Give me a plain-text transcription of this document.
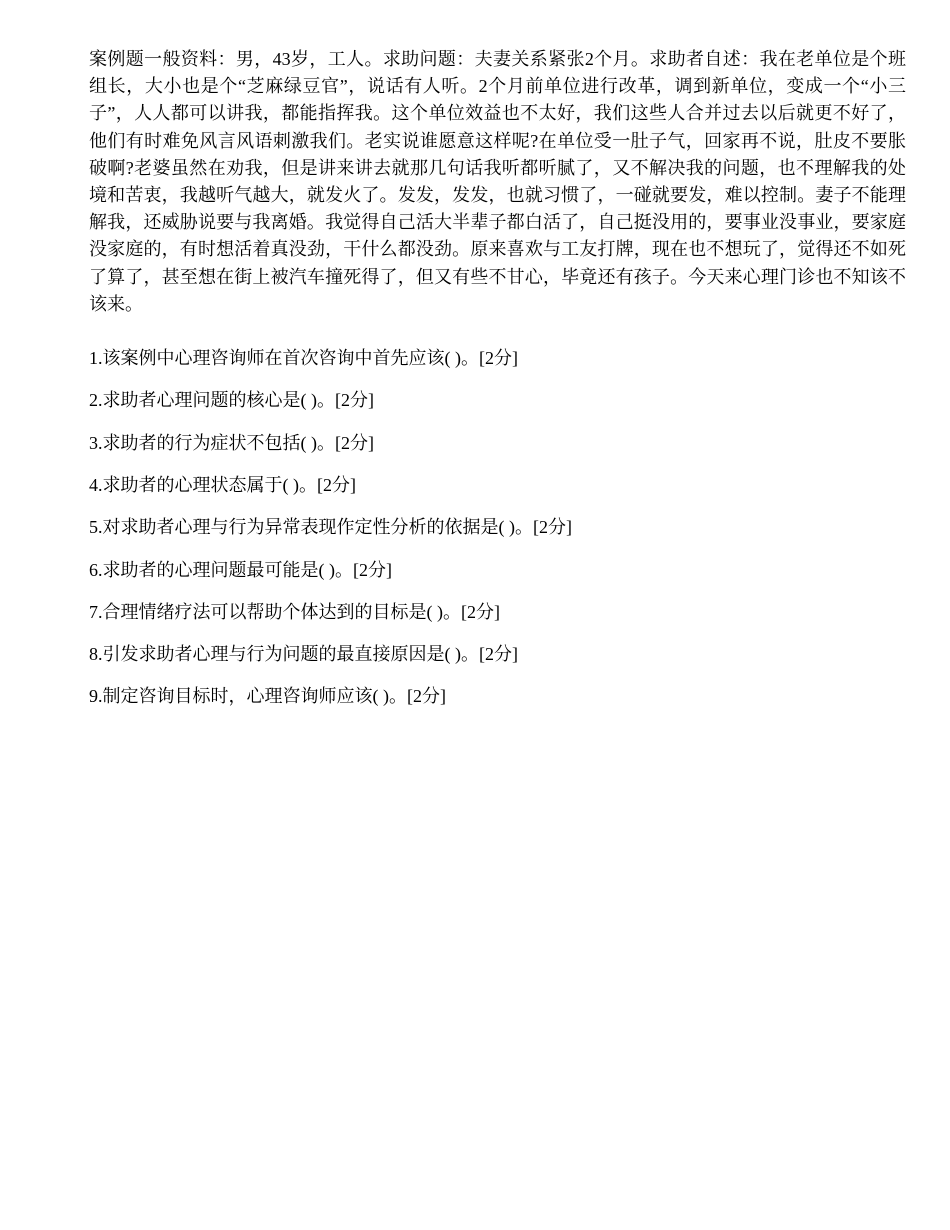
案例题一般资料：男，43岁，工人。求助问题：夫妻关系紧张2个月。求助者自述：我在老单位是个班组长，大小也是个“芝麻绿豆官”，说话有人听。2个月前单位进行改革，调到新单位，变成一个“小三子”，人人都可以讲我，都能指挥我。这个单位效益也不太好，我们这些人合并过去以后就更不好了，他们有时难免风言风语刺激我们。老实说谁愿意这样呢?在单位受一肚子气，回家再不说，肚皮不要胀破啊?老婆虽然在劝我，但是讲来讲去就那几句话我听都听腻了，又不解决我的问题，也不理解我的处境和苦衷，我越听气越大，就发火了。发发，发发，也就习惯了，一碰就要发，难以控制。妻子不能理解我，还威胁说要与我离婚。我觉得自己活大半辈子都白活了，自己挺没用的，要事业没事业，要家庭没家庭的，有时想活着真没劲，干什么都没劲。原来喜欢与工友打牌，现在也不想玩了，觉得还不如死了算了，甚至想在街上被汽车撞死得了，但又有些不甘心，毕竟还有孩子。今天来心理门诊也不知该不该来。

1.该案例中心理咨询师在首次咨询中首先应该( )。[2分]
2.求助者心理问题的核心是( )。[2分]
3.求助者的行为症状不包括( )。[2分]
4.求助者的心理状态属于( )。[2分]
5.对求助者心理与行为异常表现作定性分析的依据是( )。[2分]
6.求助者的心理问题最可能是( )。[2分]
7.合理情绪疗法可以帮助个体达到的目标是( )。[2分]
8.引发求助者心理与行为问题的最直接原因是( )。[2分]
9.制定咨询目标时，心理咨询师应该( )。[2分]
